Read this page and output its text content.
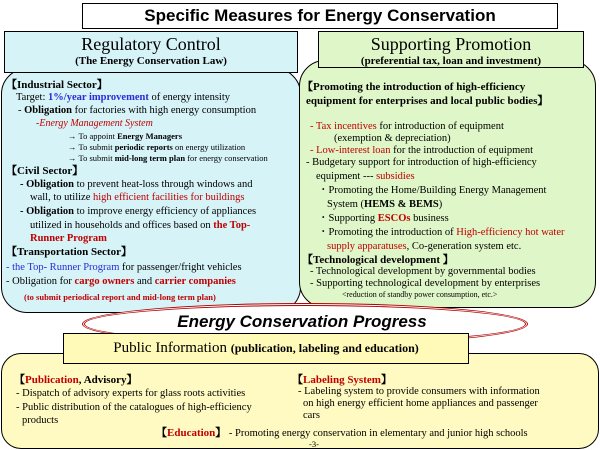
Specific Measures for Energy Conservation
Regulatory Control
(The Energy Conservation Law)
Supporting Promotion
(preferential tax, loan and investment)
【Industrial Sector】
Target: 1%/year improvement of energy intensity
- Obligation for factories with high energy consumption
-Energy Management System
→ To appoint Energy Managers
→ To submit periodic reports on energy utilization
→ To submit mid-long term plan for energy conservation
【Civil Sector】
- Obligation to prevent heat-loss through windows and
wall, to utilize high efficient facilities for buildings
- Obligation to improve energy efficiency of appliances
utilized in households and offices based on the Top-
Runner Program
【Transportation Sector】
- the Top- Runner Program for passenger/fright vehicles
- Obligation for cargo owners and carrier companies
(to submit periodical report and mid-long term plan)
【Promoting the introduction of high-efficiency
equipment for enterprises and local public bodies】
- Tax incentives for introduction of equipment
(exemption & depreciation)
- Low-interest loan for the introduction of equipment
- Budgetary support for introduction of high-efficiency
equipment --- subsidies
・Promoting the Home/Building Energy Management
System (HEMS & BEMS)
・Supporting ESCOs business
・Promoting the introduction of High-efficiency hot water
supply apparatuses, Co-generation system etc.
【Technological development 】
- Technological development by governmental bodies
- Supporting technological development by enterprises
<reduction of standby power consumption, etc.>
Energy Conservation Progress
Public Information (publication, labeling and education)
【Publication, Advisory】
- Dispatch of advisory experts for glass roots activities
- Public distribution of the catalogues of high-efficiency
products
【Labeling System】
- Labeling system to provide consumers with information
on high energy efficient home appliances and passenger
cars
【Education】 - Promoting energy conservation in elementary and junior high schools
-3-
